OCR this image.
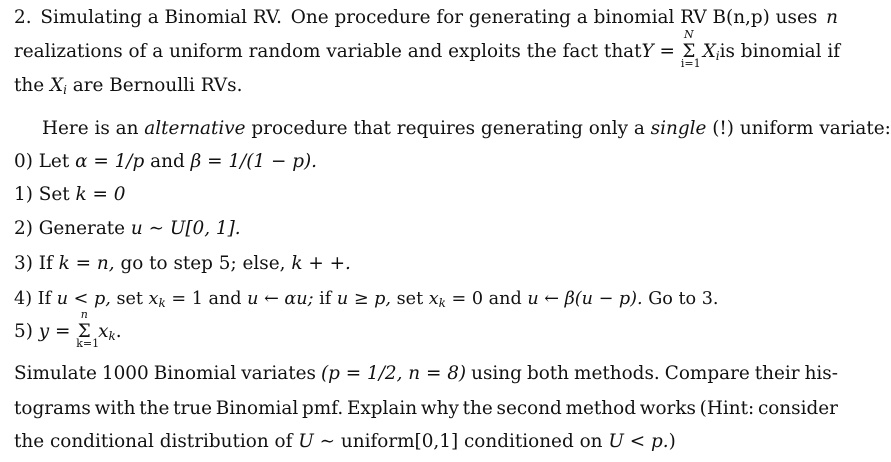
2. Simulating a Binomial RV. One procedure for generating a binomial RV B(n,p) uses n
realizations of a uniform random variable and exploits the fact that Y =
N
Σ
i=1
Xi is binomial if
the Xi are Bernoulli RVs.
Here is an alternative procedure that requires generating only a single (!) uniform variate:
0) Let α = 1/p and β = 1/(1 − p).
1) Set k = 0
2) Generate u ∼ U[0, 1].
3) If k = n, go to step 5; else, k + +.
4) If u < p, set xk = 1 and u ← αu; if u ≥ p, set xk = 0 and u ← β(u − p). Go to 3.
5) y =
n
Σ
k=1
xk.
Simulate 1000 Binomial variates (p = 1/2, n = 8) using both methods. Compare their his-
tograms with the true Binomial pmf. Explain why the second method works (Hint: consider
the conditional distribution of U ∼ uniform[0,1] conditioned on U < p.)
